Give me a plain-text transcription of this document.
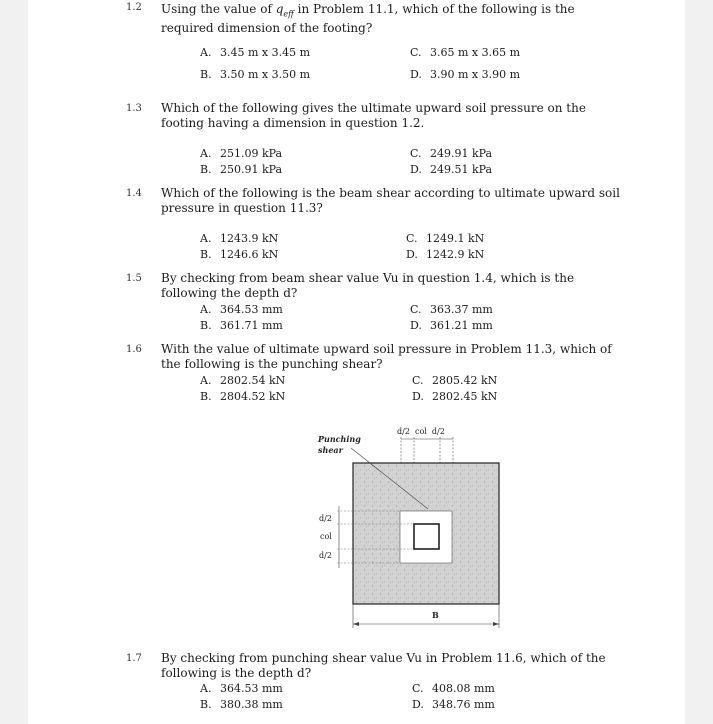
1.2 Using the value of $q_{eff}$ in Problem 11.1, which of the following is the required dimension of the footing?
A. 3.45 m x 3.45 m	C. 3.65 m x 3.65 m
B. 3.50 m x 3.50 m	D. 3.90 m x 3.90 m
1.3 Which of the following gives the ultimate upward soil pressure on the footing having a dimension in question 1.2.
A. 251.09 kPa	C. 249.91 kPa
B. 250.91 kPa	D. 249.51 kPa
1.4 Which of the following is the beam shear according to ultimate upward soil pressure in question 11.3?
A. 1243.9 kN	C. 1249.1 kN
B. 1246.6 kN	D. 1242.9 kN
1.5 By checking from beam shear value Vu in question 1.4, which is the following the depth d?
A. 364.53 mm	C. 363.37 mm
B. 361.71 mm	D. 361.21 mm
1.6 With the value of ultimate upward soil pressure in Problem 11.3, which of the following is the punching shear?
A. 2802.54 kN	C. 2805.42 kN
B. 2804.52 kN	D. 2802.45 kN
Punching
shear
d/2  col  d/2
d/2
col
d/2
B
1.7 By checking from punching shear value Vu in Problem 11.6, which of the following is the depth d?
A. 364.53 mm	C. 408.08 mm
B. 380.38 mm	D. 348.76 mm
